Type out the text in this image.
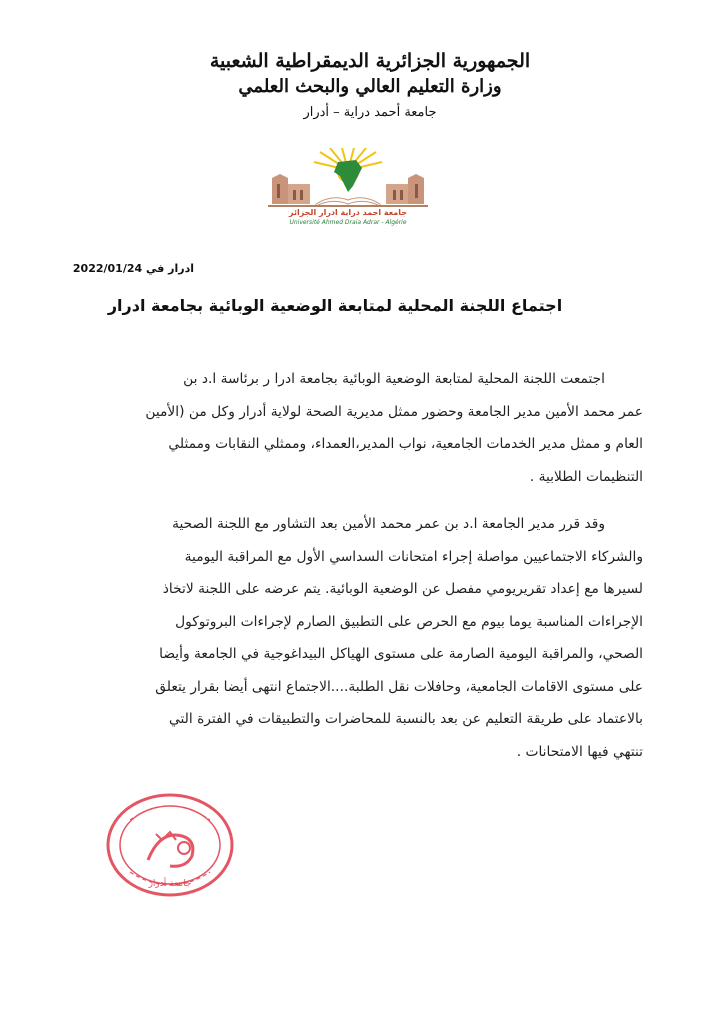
الجمهورية الجزائرية الديمقراطية الشعبية
وزارة التعليم العالي والبحث العلمي
جامعة أحمد دراية – أدرار
جامعة احمد دراية ادرار الجزائر
Université Ahmed Draia Adrar - Algérie
ادرار في 2022/01/24
اجتماع اللجنة المحلية لمتابعة الوضعية الوبائية بجامعة ادرار
اجتمعت اللجنة المحلية لمتابعة الوضعية الوبائية بجامعة ادرا ر برئاسة ا.د بن
عمر محمد الأمين مدير الجامعة وحضور ممثل مديرية الصحة لولاية أدرار وكل من (الأمين
العام و ممثل مدير الخدمات الجامعية، نواب المدير،العمداء، وممثلي النقابات وممثلي
التنظيمات الطلابية .
وقد قرر مدير الجامعة ا.د بن عمر محمد الأمين بعد التشاور مع اللجنة الصحية
والشركاء الاجتماعيين مواصلة إجراء امتحانات السداسي الأول مع المراقبة اليومية
لسيرها مع إعداد تقريريومي مفصل عن الوضعية الوبائية. يتم عرضه على اللجنة لاتخاذ
الإجراءات المناسبة يوما بيوم مع الحرص على التطبيق الصارم لإجراءات البروتوكول
الصحي، والمراقبة اليومية الصارمة على مستوى الهياكل البيداغوجية في الجامعة وأيضا
على مستوى الاقامات الجامعية، وحافلات نقل الطلبة....الاجتماع انتهى أيضا بقرار يتعلق
بالاعتماد على طريقة التعليم عن بعد بالنسبة للمحاضرات والتطبيقات في الفترة التي
تنتهي فيها الامتحانات .
جامعة أدرار
